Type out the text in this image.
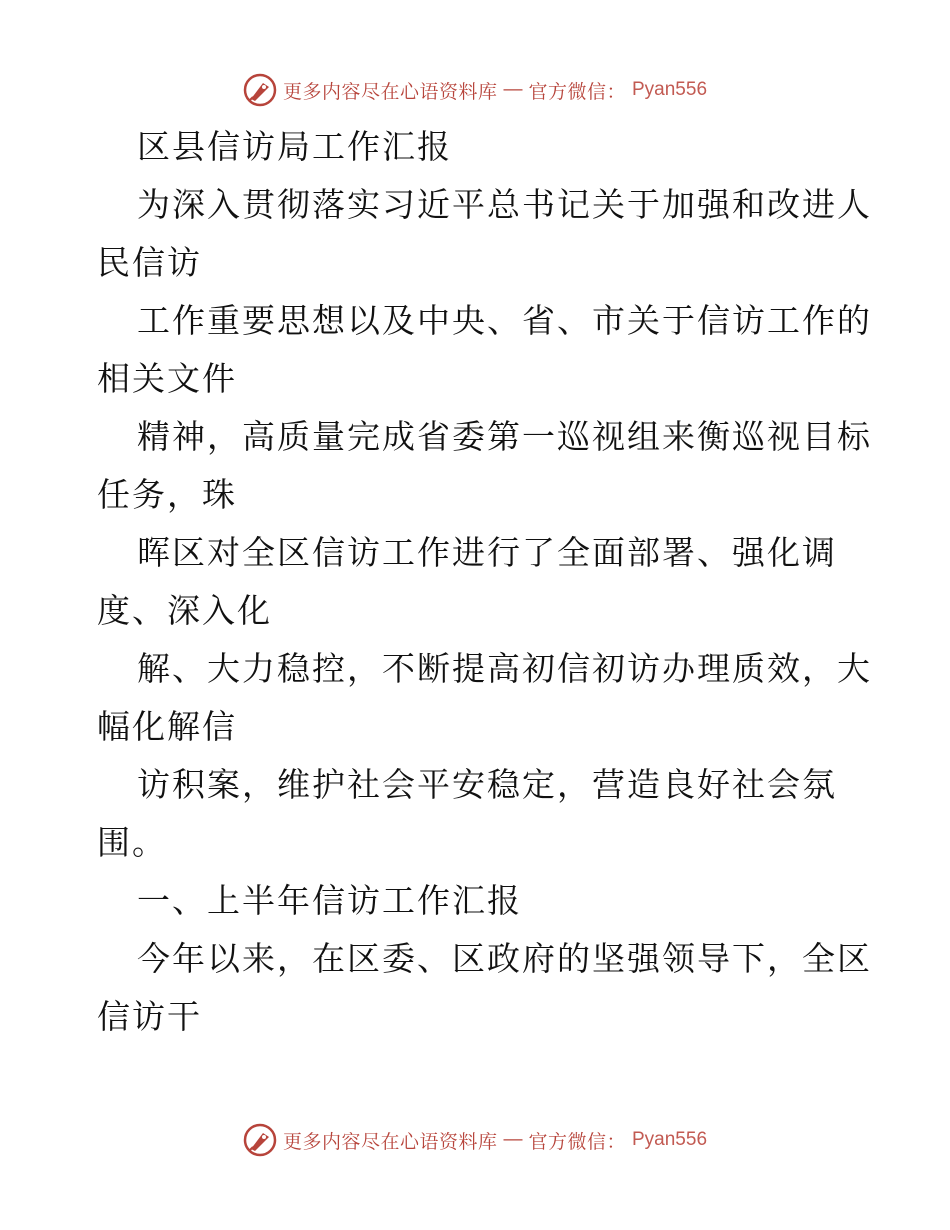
更多内容尽在心语资料库 — 官方微信： Pyan556
区县信访局工作汇报
为深入贯彻落实习近平总书记关于加强和改进人
民信访
工作重要思想以及中央、省、市关于信访工作的
相关文件
精神，高质量完成省委第一巡视组来衡巡视目标
任务，珠
晖区对全区信访工作进行了全面部署、强化调
度、深入化
解、大力稳控，不断提高初信初访办理质效，大
幅化解信
访积案，维护社会平安稳定，营造良好社会氛
围。
一、上半年信访工作汇报
今年以来，在区委、区政府的坚强领导下，全区
信访干
更多内容尽在心语资料库 — 官方微信： Pyan556
